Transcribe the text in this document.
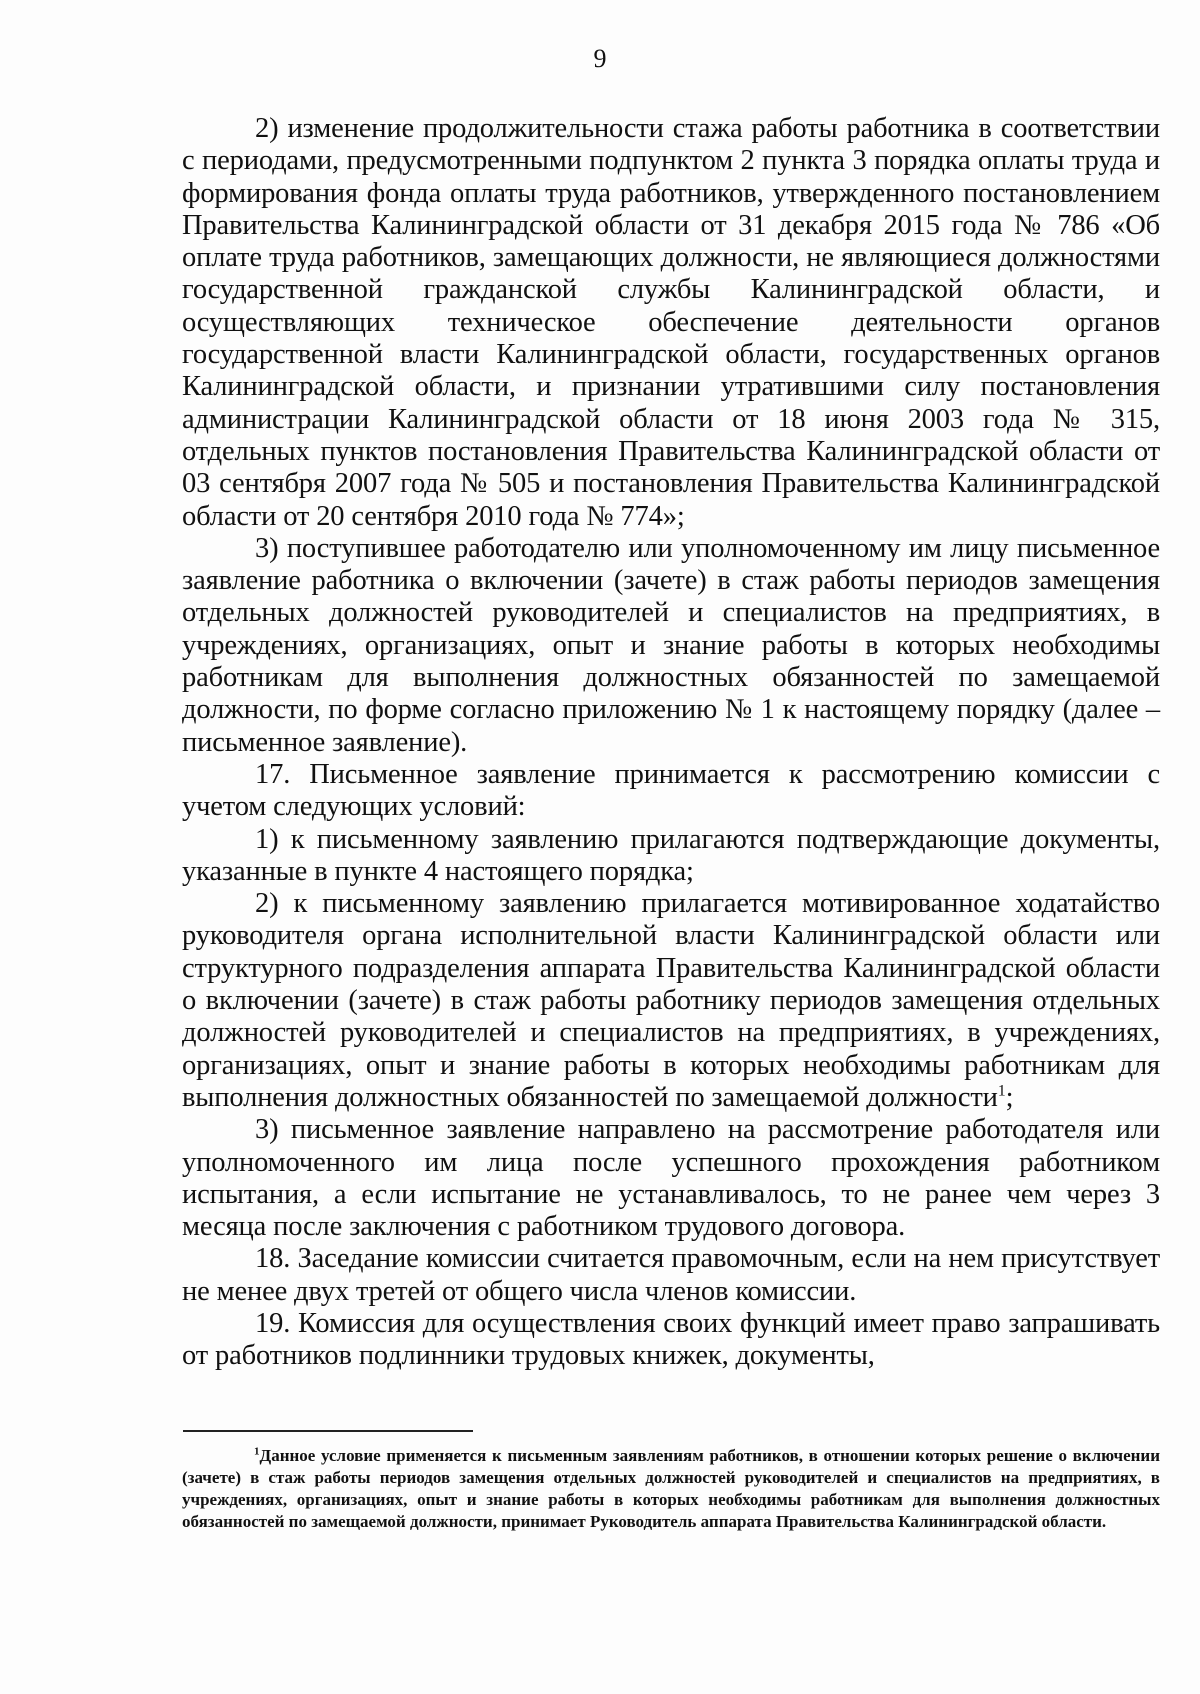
9

2) изменение продолжительности стажа работы работника в соответствии с периодами, предусмотренными подпунктом 2 пункта 3 порядка оплаты труда и формирования фонда оплаты труда работников, утвержденного постановлением Правительства Калининградской области от 31 декабря 2015 года № 786 «Об оплате труда работников, замещающих должности, не являющиеся должностями государственной гражданской службы Калининградской области, и осуществляющих техническое обеспечение деятельности органов государственной власти Калининградской области, государственных органов Калининградской области, и признании утратившими силу постановления администрации Калининградской области от 18 июня 2003 года № 315, отдельных пунктов постановления Правительства Калининградской области от 03 сентября 2007 года № 505 и постановления Правительства Калининградской области от 20 сентября 2010 года № 774»;

3) поступившее работодателю или уполномоченному им лицу письменное заявление работника о включении (зачете) в стаж работы периодов замещения отдельных должностей руководителей и специалистов на предприятиях, в учреждениях, организациях, опыт и знание работы в которых необходимы работникам для выполнения должностных обязанностей по замещаемой должности, по форме согласно приложению № 1 к настоящему порядку (далее – письменное заявление).

17. Письменное заявление принимается к рассмотрению комиссии с учетом следующих условий:

1) к письменному заявлению прилагаются подтверждающие документы, указанные в пункте 4 настоящего порядка;

2) к письменному заявлению прилагается мотивированное ходатайство руководителя органа исполнительной власти Калининградской области или структурного подразделения аппарата Правительства Калининградской области о включении (зачете) в стаж работы работнику периодов замещения отдельных должностей руководителей и специалистов на предприятиях, в учреждениях, организациях, опыт и знание работы в которых необходимы работникам для выполнения должностных обязанностей по замещаемой должности$^1$;

3) письменное заявление направлено на рассмотрение работодателя или уполномоченного им лица после успешного прохождения работником испытания, а если испытание не устанавливалось, то не ранее чем через 3 месяца после заключения с работником трудового договора.

18. Заседание комиссии считается правомочным, если на нем присутствует не менее двух третей от общего числа членов комиссии.

19. Комиссия для осуществления своих функций имеет право запрашивать от работников подлинники трудовых книжек, документы,

$^1$Данное условие применяется к письменным заявлениям работников, в отношении которых решение о включении (зачете) в стаж работы периодов замещения отдельных должностей руководителей и специалистов на предприятиях, в учреждениях, организациях, опыт и знание работы в которых необходимы работникам для выполнения должностных обязанностей по замещаемой должности, принимает Руководитель аппарата Правительства Калининградской области.
